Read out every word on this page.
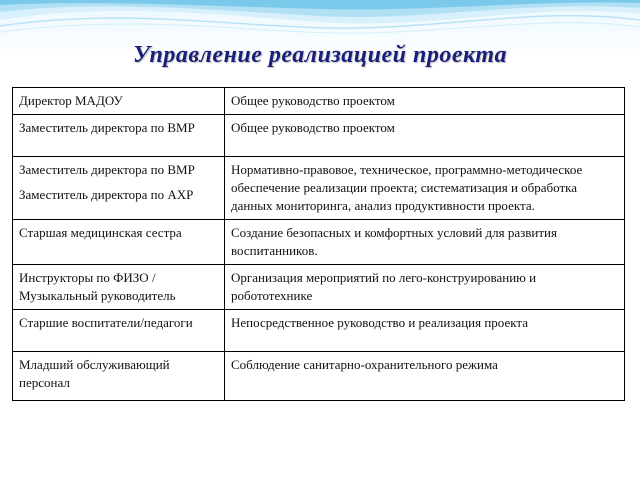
Управление реализацией проекта
Директор МАДОУ	Общее руководство проектом

Заместитель директора по ВМР	Общее руководство проектом

Заместитель директора по ВМР
Заместитель директора по АХР	Нормативно-правовое, техническое, программно-методическое обеспечение реализации проекта; систематизация и обработка данных мониторинга, анализ продуктивности проекта.

Старшая медицинская сестра	Создание безопасных и комфортных условий для развития воспитанников.

Инструкторы по ФИЗО / Музыкальный руководитель	Организация мероприятий по лего-конструированию и робототехнике

Старшие воспитатели/педагоги	Непосредственное руководство и реализация проекта

Младший обслуживающий персонал	Соблюдение санитарно-охранительного режима
